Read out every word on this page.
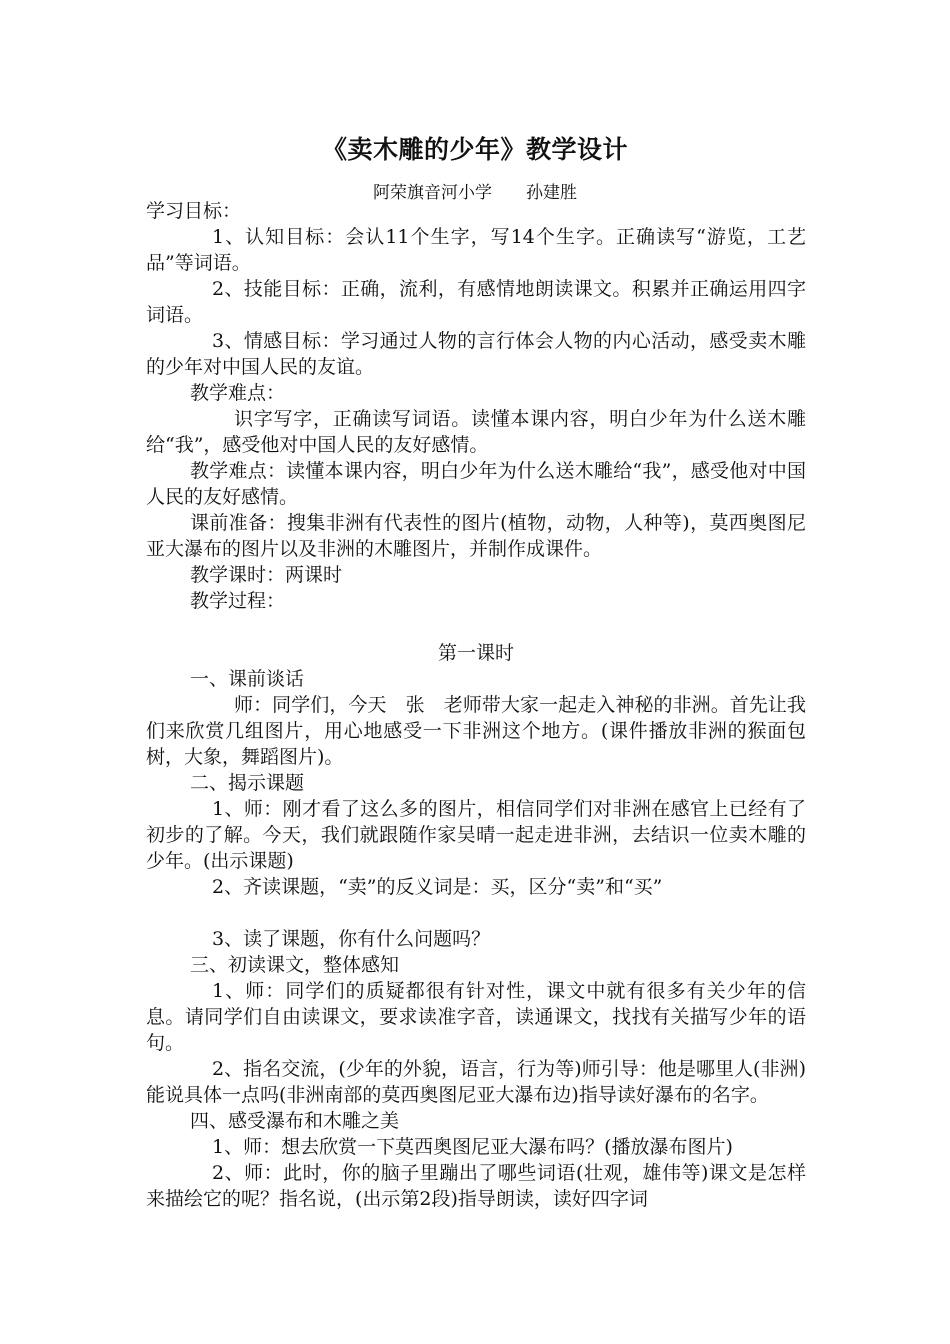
《卖木雕的少年》教学设计
阿荣旗音河小学　　孙建胜

学习目标：

1、认知目标：会认11个生字，写14个生字。正确读写“游览，工艺品”等词语。

2、技能目标：正确，流利，有感情地朗读课文。积累并正确运用四字词语。

3、情感目标：学习通过人物的言行体会人物的内心活动，感受卖木雕的少年对中国人民的友谊。

教学难点：

识字写字，正确读写词语。读懂本课内容，明白少年为什么送木雕给“我”，感受他对中国人民的友好感情。

教学难点：读懂本课内容，明白少年为什么送木雕给“我”，感受他对中国人民的友好感情。

课前准备：搜集非洲有代表性的图片(植物，动物，人种等)，莫西奥图尼亚大瀑布的图片以及非洲的木雕图片，并制作成课件。

教学课时：两课时

教学过程：

第一课时

一、课前谈话

师：同学们，今天　张　老师带大家一起走入神秘的非洲。首先让我们来欣赏几组图片，用心地感受一下非洲这个地方。(课件播放非洲的猴面包树，大象，舞蹈图片)。

二、揭示课题

1、师：刚才看了这么多的图片，相信同学们对非洲在感官上已经有了初步的了解。今天，我们就跟随作家吴晴一起走进非洲，去结识一位卖木雕的少年。(出示课题)

2、齐读课题，“卖”的反义词是：买，区分“卖”和“买”

3、读了课题，你有什么问题吗？

三、初读课文，整体感知

1、师：同学们的质疑都很有针对性，课文中就有很多有关少年的信息。请同学们自由读课文，要求读准字音，读通课文，找找有关描写少年的语句。

2、指名交流，(少年的外貌，语言，行为等)师引导：他是哪里人(非洲)能说具体一点吗(非洲南部的莫西奥图尼亚大瀑布边)指导读好瀑布的名字。

四、感受瀑布和木雕之美

1、师：想去欣赏一下莫西奥图尼亚大瀑布吗？(播放瀑布图片)

2、师：此时，你的脑子里蹦出了哪些词语(壮观，雄伟等)课文是怎样来描绘它的呢？指名说，(出示第2段)指导朗读，读好四字词
